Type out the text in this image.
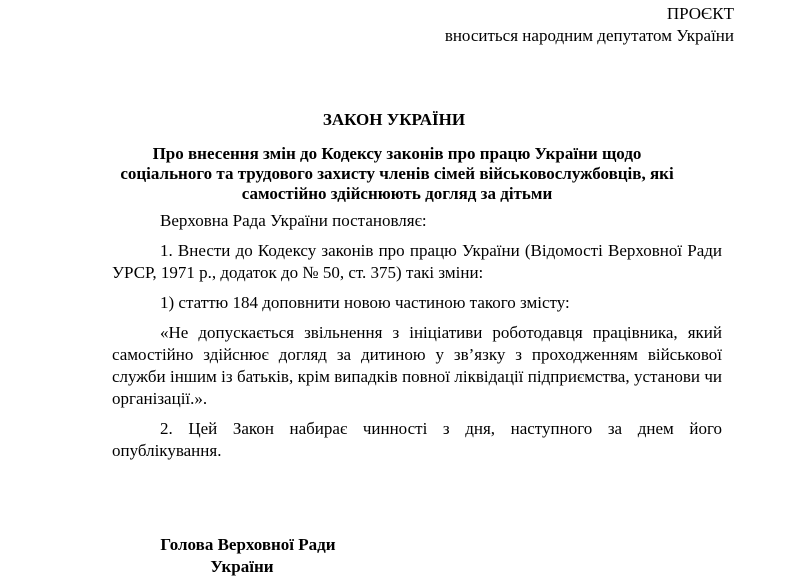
ПРОЄКТ
вноситься народним депутатом України
ЗАКОН УКРАЇНИ
Про внесення змін до Кодексу законів про працю України щодо
соціального та трудового захисту членів сімей військовослужбовців, які
самостійно здійснюють догляд за дітьми
Верховна Рада України постановляє:
1. Внести до Кодексу законів про працю України (Відомості Верховної Ради УРСР, 1971 р., додаток до № 50, ст. 375) такі зміни:
1) статтю 184 доповнити новою частиною такого змісту:
«Не допускається звільнення з ініціативи роботодавця працівника, який самостійно здійснює догляд за дитиною у зв’язку з проходженням військової служби іншим із батьків, крім випадків повної ліквідації підприємства, установи чи організації.».
2. Цей Закон набирає чинності з дня, наступного за днем його опублікування.
Голова Верховної Ради
України
